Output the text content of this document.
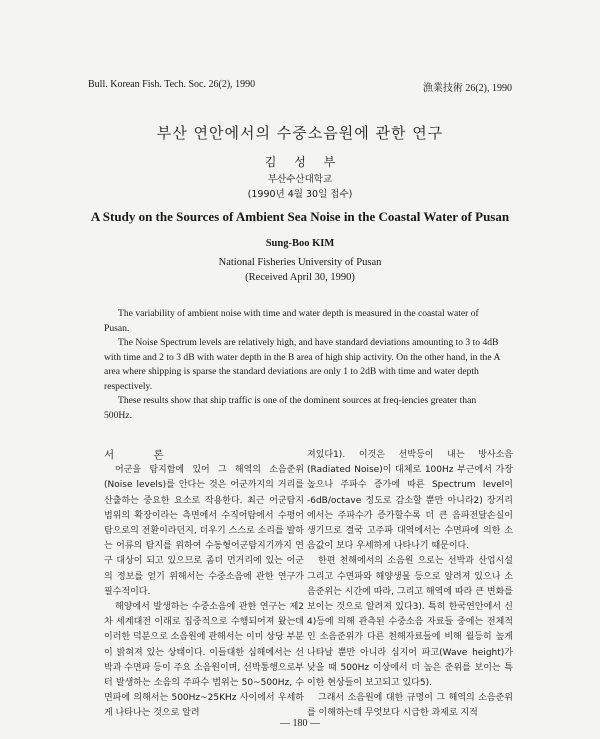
Bull. Korean Fish. Tech. Soc. 26(2), 1990	漁業技術 26(2), 1990
부산 연안에서의 수중소음원에 관한 연구
김 성 부
부산수산대학교
(1990년 4월 30일 접수)
A Study on the Sources of Ambient Sea Noise in the Coastal Water of Pusan
Sung-Boo KIM
National Fisheries University of Pusan
(Received April 30, 1990)

The variability of ambient noise with time and water depth is measured in the coastal water of Pusan.

The Noise Spectrum levels are relatively high, and have standard deviations amounting to 3 to 4dB with time and 2 to 3 dB with water depth in the B area of high ship activity. On the other hand, in the A area where shipping is sparse the standard deviations are only 1 to 2dB with time and water depth respectively.

These results show that ship traffic is one of the dominent sources at freq-iencies greater than 500Hz.

서 론

어군을 탐지함에 있어 그 해역의 소음준위(Noise levels)를 안다는 것은 어군까지의 거리를 산출하는 중요한 요소로 작용한다. 최근 어군탐지 범위의 확장이라는 측면에서 수직어탐에서 수평어탐으로의 전환이라던지, 더우기 스스로 소리를 발하는 어류의 탐지를 위하여 수동형어군탐지기까지 연구 대상이 되고 있으므로 좀더 먼거리에 있는 어군의 정보를 얻기 위해서는 수중소음에 관한 연구가 필수적이다.

해양에서 발생하는 수중소음에 관한 연구는 제2차 세계대전 이래로 집중적으로 수행되어져 왔는데 이러한 덕분으로 소음원에 관해서는 이미 상당 부분이 밝혀져 있는 상태이다. 이들대한 심해에서는 선박과 수면파 등이 주요 소음원이며, 선박통행으로부터 발생하는 소음의 주파수 범위는 50~500Hz, 수면파에 의해서는 500Hz~25KHz 사이에서 우세하게 나타나는 것으로 알려

져있다1). 이것은 선박등이 내는 방사소음(Radiated Noise)이 대체로 100Hz 부근에서 가장 높으나 주파수 증가에 따른 Spectrum level이 -6dB/octave 정도로 감소할 뿐만 아니라2) 장거리에서는 주파수가 증가할수록 더 큰 음파전달손실이 생기므로 결국 고주파 대역에서는 수면파에 의한 소음값이 보다 우세하게 나타나기 때문이다.

한편 천해에서의 소음원 으로는 선박과 산업시설 그리고 수면파와 해양생물 등으로 알려져 있으나 소음준위는 시간에 따라, 그리고 해역에 따라 큰 변화를 보이는 것으로 알려져 있다3). 특히 한국연안에서 신4)등에 의해 관측된 수중소음 자료들 중에는 전체적인 소음준위가 다른 천해자료들에 비해 월등히 높게 나타날 뿐만 아니라 심지어 파고(Wave height)가 낮을 때 500Hz 이상에서 더 높은 준위를 보이는 특이한 현상들이 보고되고 있다5).

그래서 소음원에 대한 규명이 그 해역의 소음준위를 이해하는데 무엇보다 시급한 과제로 지적

— 180 —
